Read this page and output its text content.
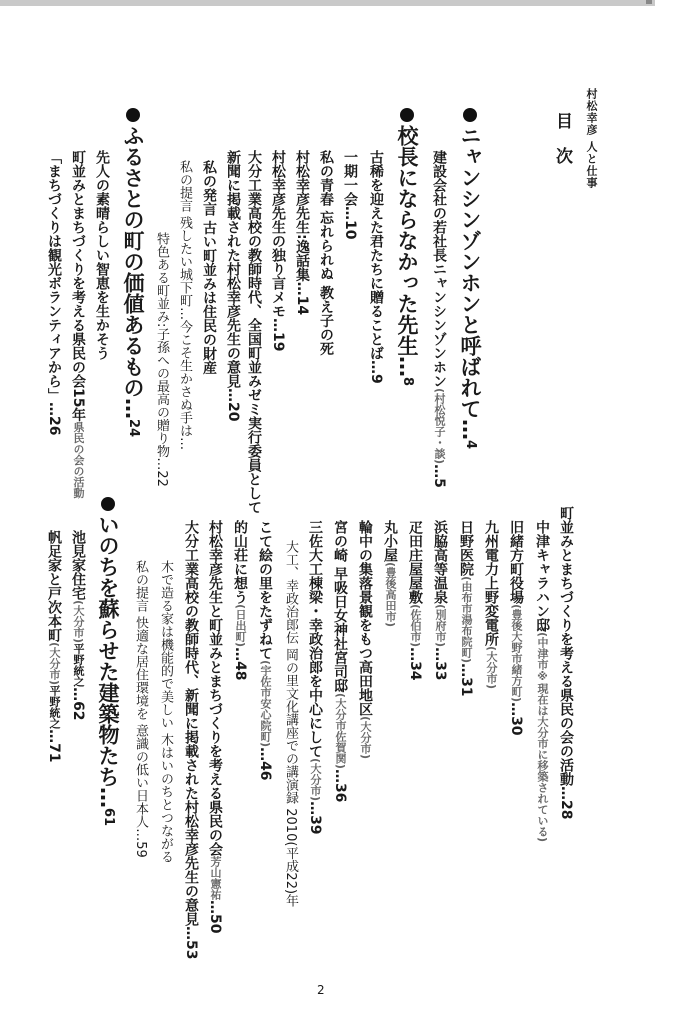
村松幸彦 人と仕事
目 次
ニャンシンゾンホンと呼ばれて…4
建設会社の若社長ニャンシンゾンホン(村松悦子・談)…5
校長にならなかった先生…8
古稀を迎えた君たちに贈ることば…9
一期一会…10
私の青春 忘れられぬ 教え子の死
村松幸彦先生:逸話集…14
村松幸彦先生の独り言メモ…19
大分工業高校の教師時代、全国町並みゼミ実行委員として
新聞に掲載された村松幸彦先生の意見…20
私の発言 古い町並みは住民の財産
私の提言 残したい城下町…今こそ生かさぬ手は…
特色ある町並み:子孫への最高の贈り物…22
ふるさとの町の価値あるもの…24
先人の素晴らしい智恵を生かそう
町並みとまちづくりを考える県民の会15年県民の会の活動
「まちづくりは観光ボランティアから」…26
町並みとまちづくりを考える県民の会の活動…28
中津キャラハン邸(中津市※現在は大分市に移築されている)
旧緒方町役場(豊後大野市緒方町)…30
九州電力上野変電所(大分市)
日野医院(由布市湯布院町)…31
浜脇高等温泉(別府市)…33
疋田庄屋屋敷(佐伯市)…34
丸小屋(豊後高田市)
輪中の集落景観をもつ高田地区(大分市)
宮の崎 早吸日女神社宮司邸(大分市佐賀関)…36
三佐大工棟梁・幸政治郎を中心にして(大分市)…39
大工、幸政治郎伝 岡の里文化講座での講演録 2010(平成22)年
こて絵の里をたずねて(宇佐市安心院町)…46
的山荘に想う(日出町)…48
村松幸彦先生と町並みとまちづくりを考える県民の会芳山憲祐…50
大分工業高校の教師時代、新聞に掲載された村松幸彦先生の意見…53
木で造る家は機能的で美しい 木はいのちとつながる
私の提言 快適な居住環境を 意識の低い日本人…59
いのちを蘇らせた建築物たち…61
池見家住宅(大分市)平野統之…62
帆足家と戸次本町(大分市)平野統之…71
2
